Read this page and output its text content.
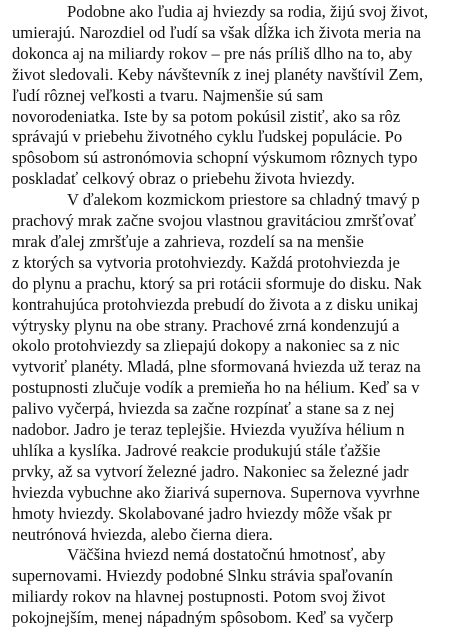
Podobne ako ľudia aj hviezdy sa rodia, žijú svoj život,
umierajú. Narozdiel od ľudí sa však dĺžka ich života meria na
dokonca aj na miliardy rokov – pre nás príliš dlho na to, aby
život sledovali. Keby návštevník z inej planéty navštívil Zem,
ľudí rôznej veľkosti a tvaru. Najmenšie sú sam
novorodeniatka. Iste by sa potom pokúsil zistiť, ako sa rôz
správajú v priebehu životného cyklu ľudskej populácie. Po
spôsobom sú astronómovia schopní výskumom rôznych typo
poskladať celkový obraz o priebehu života hviezdy.
V ďalekom kozmickom priestore sa chladný tmavý p
prachový mrak začne svojou vlastnou gravitáciou zmršťovať
mrak ďalej zmršťuje a zahrieva, rozdelí sa na menšie
z ktorých sa vytvoria protohviezdy. Každá protohviezda je
do plynu a prachu, ktorý sa pri rotácii sformuje do disku. Nak
kontrahujúca protohviezda prebudí do života a z disku unikaj
výtrysky plynu na obe strany. Prachové zrná kondenzujú a
okolo protohviezdy sa zliepajú dokopy a nakoniec sa z nic
vytvoriť planéty. Mladá, plne sformovaná hviezda už teraz na
postupnosti zlučuje vodík a premieňa ho na hélium. Keď sa v
palivo vyčerpá, hviezda sa začne rozpínať a stane sa z nej
nadobor. Jadro je teraz teplejšie. Hviezda využíva hélium n
uhlíka a kyslíka. Jadrové reakcie produkujú stále ťažšie
prvky, až sa vytvorí železné jadro. Nakoniec sa železné jadr
hviezda vybuchne ako žiarivá supernova. Supernova vyvrhne
hmoty hviezdy. Skolabované jadro hviezdy môže však pr
neutrónová hviezda, alebo čierna diera.
Väčšina hviezd nemá dostatočnú hmotnosť, aby
supernovami. Hviezdy podobné Slnku strávia spaľovanín
miliardy rokov na hlavnej postupnosti. Potom svoj život
pokojnejším, menej nápadným spôsobom. Keď sa vyčerp
